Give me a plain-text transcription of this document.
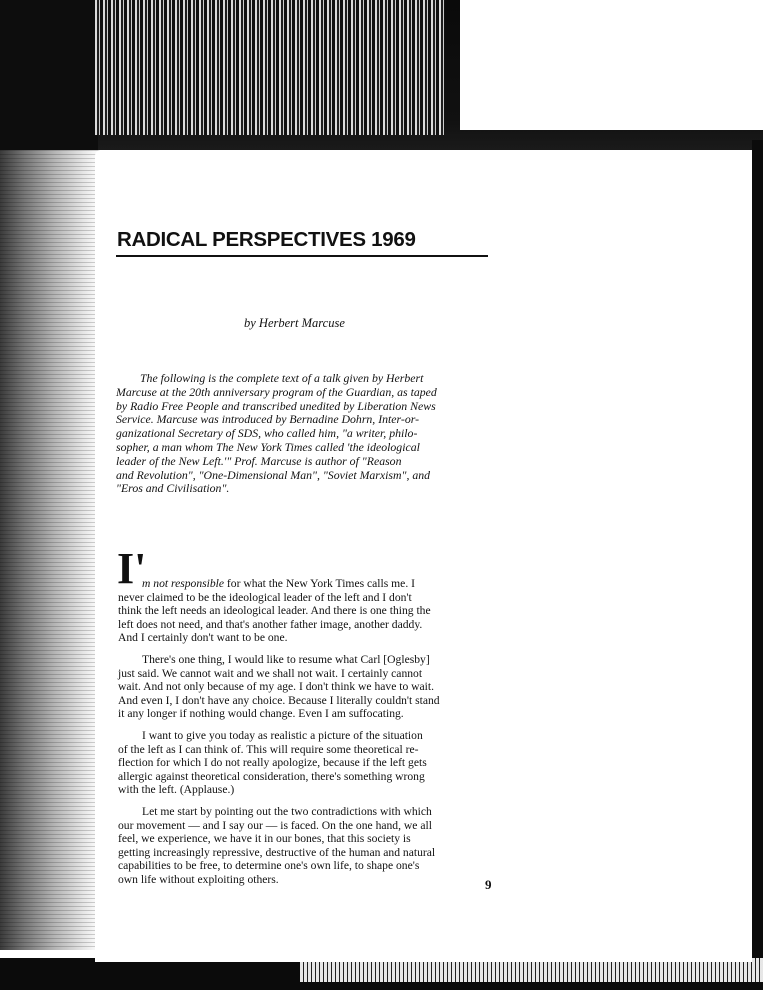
RADICAL PERSPECTIVES 1969
by Herbert Marcuse
The following is the complete text of a talk given by Herbert
Marcuse at the 20th anniversary program of the Guardian, as taped
by Radio Free People and transcribed unedited by Liberation News
Service. Marcuse was introduced by Bernadine Dohrn, Inter-or-
ganizational Secretary of SDS, who called him, "a writer, philo-
sopher, a man whom The New York Times called 'the ideological
leader of the New Left.'" Prof. Marcuse is author of "Reason
and Revolution", "One-Dimensional Man", "Soviet Marxism", and
"Eros and Civilisation".
I'
m not responsible for what the New York Times calls me. I
never claimed to be the ideological leader of the left and I don't
think the left needs an ideological leader. And there is one thing the
left does not need, and that's another father image, another daddy.
And I certainly don't want to be one.
There's one thing, I would like to resume what Carl [Oglesby]
just said. We cannot wait and we shall not wait. I certainly cannot
wait. And not only because of my age. I don't think we have to wait.
And even I, I don't have any choice. Because I literally couldn't stand
it any longer if nothing would change. Even I am suffocating.
I want to give you today as realistic a picture of the situation
of the left as I can think of. This will require some theoretical re-
flection for which I do not really apologize, because if the left gets
allergic against theoretical consideration, there's something wrong
with the left. (Applause.)
Let me start by pointing out the two contradictions with which
our movement — and I say our — is faced. On the one hand, we all
feel, we experience, we have it in our bones, that this society is
getting increasingly repressive, destructive of the human and natural
capabilities to be free, to determine one's own life, to shape one's
own life without exploiting others.	9
